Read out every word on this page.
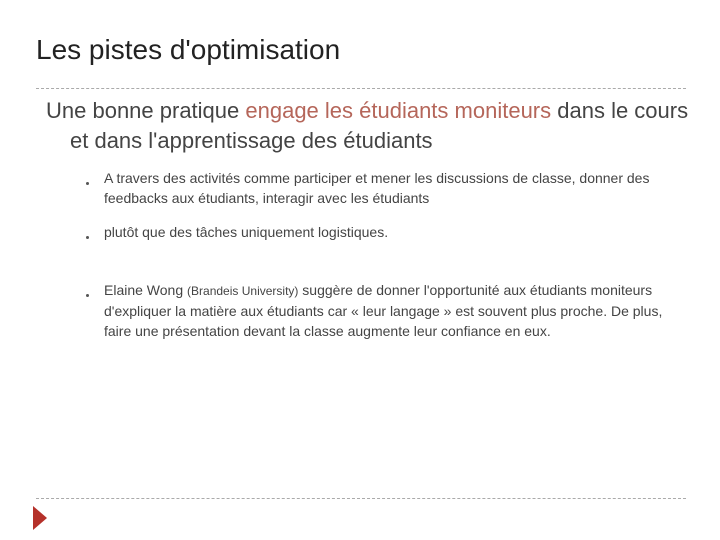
Les pistes d'optimisation
Une bonne pratique engage les étudiants moniteurs dans le cours et dans l'apprentissage des étudiants
A travers des activités comme participer et mener les discussions de classe, donner des feedbacks aux étudiants, interagir avec les étudiants
plutôt que des tâches uniquement logistiques.
Elaine Wong (Brandeis University) suggère de donner l'opportunité aux étudiants moniteurs d'expliquer la matière aux étudiants car « leur langage » est souvent plus proche. De plus, faire une présentation devant la classe augmente leur confiance en eux.
